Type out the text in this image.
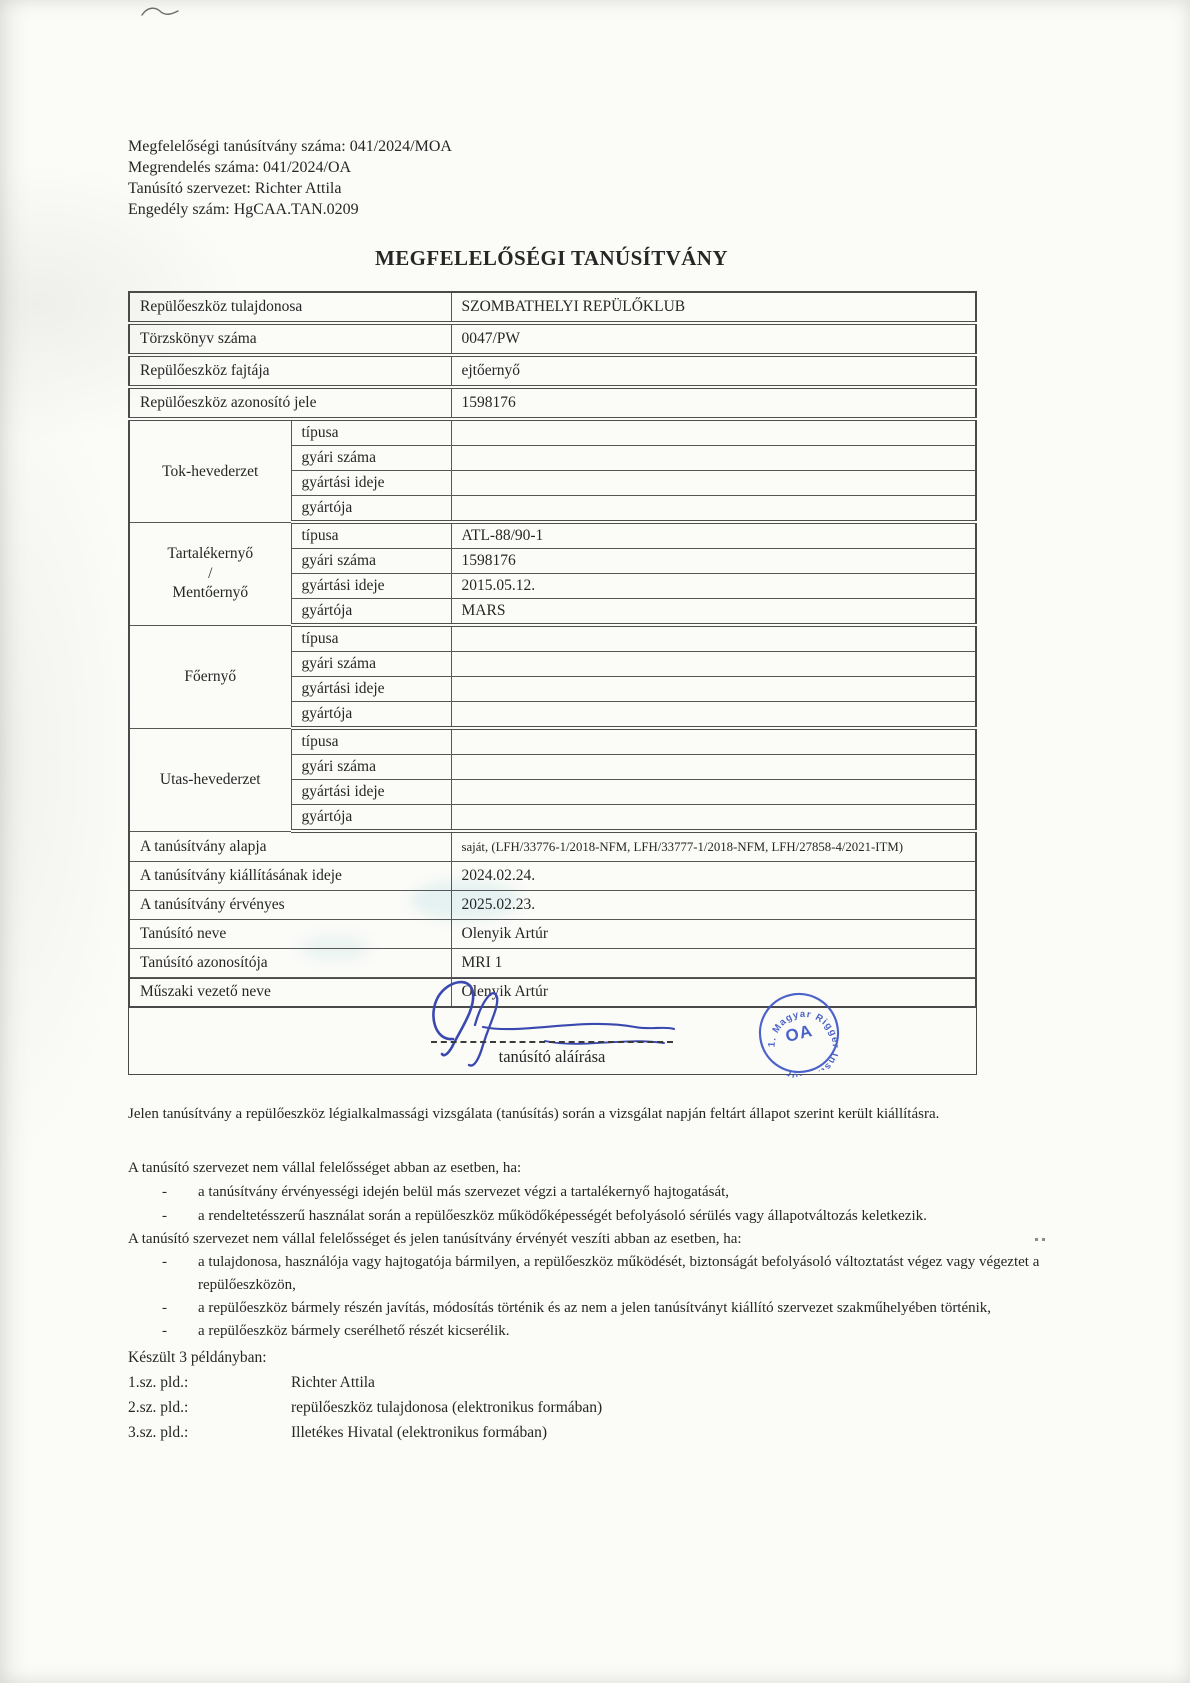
Megfelelőségi tanúsítvány száma: 041/2024/MOA
Megrendelés száma: 041/2024/OA
Tanúsító szervezet: Richter Attila
Engedély szám: HgCAA.TAN.0209
MEGFELELŐSÉGI TANÚSÍTVÁNY
Repülőeszköz tulajdonosa		SZOMBATHELYI REPÜLŐKLUB
Törzskönyv száma		0047/PW
Repülőeszköz fajtája		ejtőernyő
Repülőeszköz azonosító jele		1598176
Tok-hevederzet	típusa	
	gyári száma	
	gyártási ideje	
	gyártója	

Tartalékernyő
/
Mentőernyő	típusa	ATL-88/90-1
	gyári száma	1598176
	gyártási ideje	2015.05.12.
	gyártója	MARS
Főernyő	típusa	
	gyári száma	
	gyártási ideje	
	gyártója	
Utas-hevederzet	típusa	
	gyári száma	
	gyártási ideje	
	gyártója	
A tanúsítvány alapja		saját, (LFH/33776-1/2018-NFM, LFH/33777-1/2018-NFM, LFH/27858-4/2021-ITM)
A tanúsítvány kiállításának ideje		2024.02.24.
A tanúsítvány érvényes		2025.02.23.
Tanúsító neve		Olenyik Artúr
Tanúsító azonosítója		MRI 1
Műszaki vezető neve		Olenyik Artúr
tanúsító aláírása
1. Magyar Rigger Instruktor
OA
Jelen tanúsítvány a repülőeszköz légialkalmassági vizsgálata (tanúsítás) során a vizsgálat napján feltárt állapot szerint került kiállításra.
A tanúsító szervezet nem vállal felelősséget abban az esetben, ha:
-	a tanúsítvány érvényességi idején belül más szervezet végzi a tartalékernyő hajtogatását,
-	a rendeltetésszerű használat során a repülőeszköz működőképességét befolyásoló sérülés vagy állapotváltozás keletkezik.
A tanúsító szervezet nem vállal felelősséget és jelen tanúsítvány érvényét veszíti abban az esetben, ha:
-	a tulajdonosa, használója vagy hajtogatója bármilyen, a repülőeszköz működését, biztonságát befolyásoló változtatást végez vagy végeztet a repülőeszközön,
-	a repülőeszköz bármely részén javítás, módosítás történik és az nem a jelen tanúsítványt kiállító szervezet szakműhelyében történik,
-	a repülőeszköz bármely cserélhető részét kicserélik.
Készült 3 példányban:
1.sz. pld.:	Richter Attila
2.sz. pld.:	repülőeszköz tulajdonosa (elektronikus formában)
3.sz. pld.:	Illetékes Hivatal (elektronikus formában)
